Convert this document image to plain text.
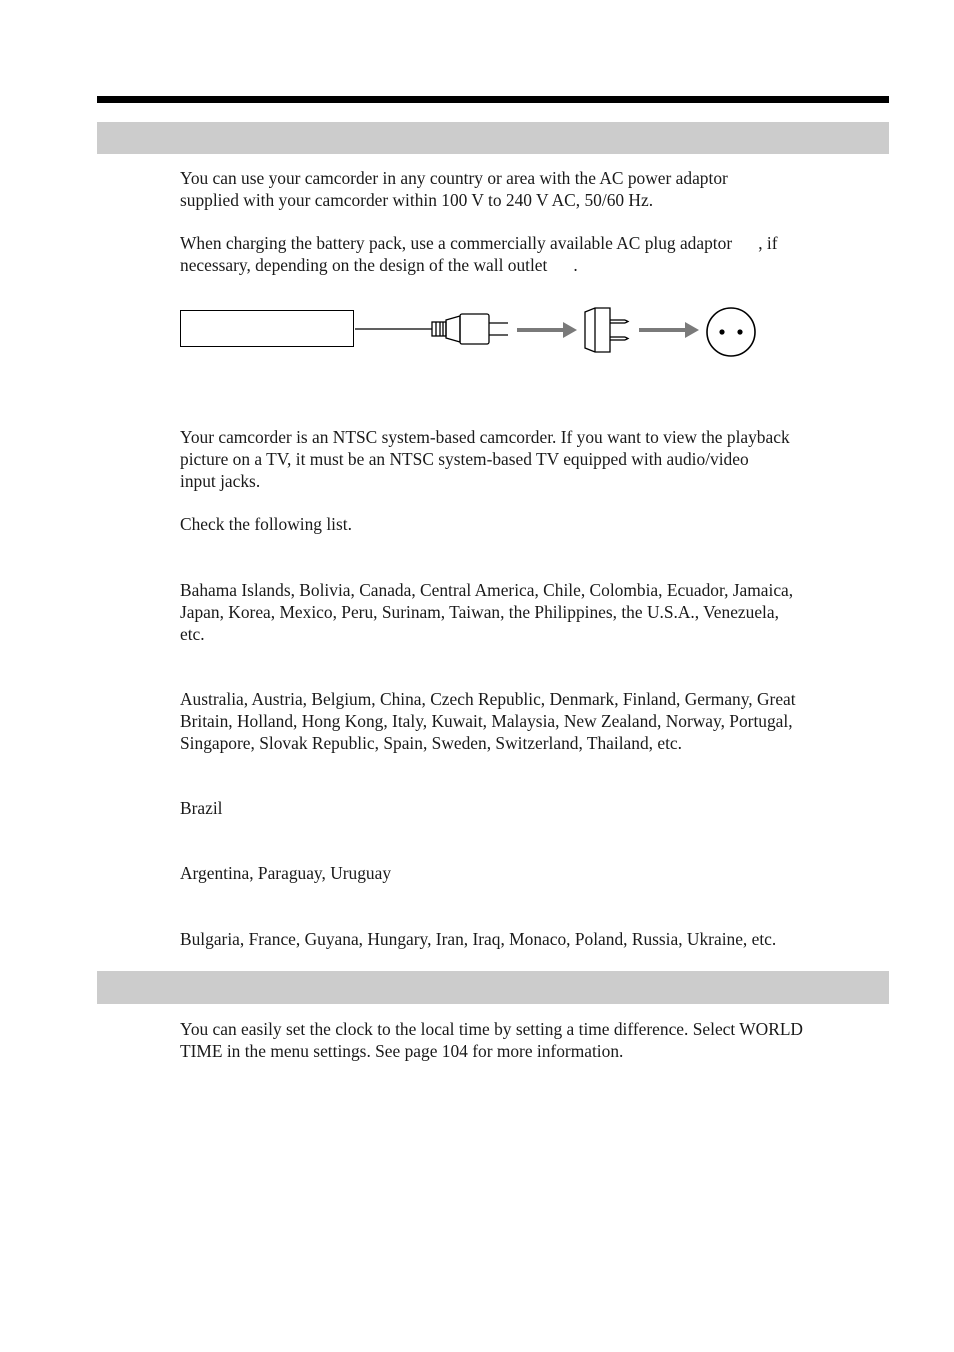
You can use your camcorder in any country or area with the AC power adaptor
supplied with your camcorder within 100 V to 240 V AC, 50/60 Hz.

When charging the battery pack, use a commercially available AC plug adaptor      , if
necessary, depending on the design of the wall outlet      .

Your camcorder is an NTSC system-based camcorder. If you want to view the playback
picture on a TV, it must be an NTSC system-based TV equipped with audio/video
input jacks.

Check the following list.

Bahama Islands, Bolivia, Canada, Central America, Chile, Colombia, Ecuador, Jamaica,
Japan, Korea, Mexico, Peru, Surinam, Taiwan, the Philippines, the U.S.A., Venezuela,
etc.

Australia, Austria, Belgium, China, Czech Republic, Denmark, Finland, Germany, Great
Britain, Holland, Hong Kong, Italy, Kuwait, Malaysia, New Zealand, Norway, Portugal,
Singapore, Slovak Republic, Spain, Sweden, Switzerland, Thailand, etc.

Brazil

Argentina, Paraguay, Uruguay

Bulgaria, France, Guyana, Hungary, Iran, Iraq, Monaco, Poland, Russia, Ukraine, etc.

You can easily set the clock to the local time by setting a time difference. Select WORLD
TIME in the menu settings. See page 104 for more information.
